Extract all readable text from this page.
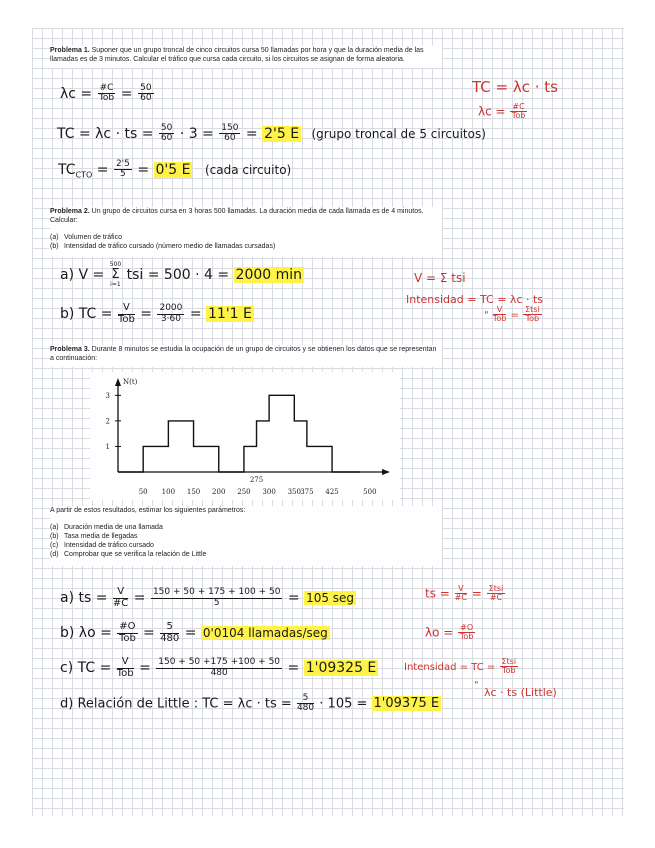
Problema 1. Suponer que un grupo troncal de cinco circuitos cursa 50 llamadas por hora y que la duración media de las llamadas es de 3 minutos. Calcular el tráfico que cursa cada circuito, si los circuitos se asignan de forma aleatoria.
$\lambda c = \frac{\#C}{\text{Tob}} = \frac{50}{60}$
TC = λc · ts = $\frac{50}{60} \cdot 3 = \frac{150}{60} = 2'5$ E (grupo troncal de 5 circuitos)
$TC_{CTO} = \frac{2'5}{5} = 0'5$ E (cada circuito)
TC = λc · ts
$\lambda c = \frac{\#C}{\text{Tob}}$
Problema 2. Un grupo de circuitos cursa en 3 horas 500 llamadas. La duración media de cada llamada es de 4 minutos. Calcular:
(a) Volumen de tráfico
(b) Intensidad de tráfico cursado (número medio de llamadas cursadas)
a) V =
500
Σ
i=1
tsi = 500 · 4 = 2000 min
b) TC = $\frac{V}{\text{Tob}} = \frac{2000}{3\cdot 60} = 11'1$ E
V = Σ tsi
Intensidad = TC = λc · ts
" $\frac{V}{\text{Tob}} = \frac{\text{Σtsi}}{\text{Tob}}$
Problema 3. Durante 8 minutos se estudia la ocupación de un grupo de circuitos y se obtienen los datos que se representan a continuación:
N(t)
1
2
3
50 100 150 200 250 300 350 375 425	500
275
A partir de estos resultados, estimar los siguientes parámetros:
(a) Duración media de una llamada
(b) Tasa media de llegadas
(c) Intensidad de tráfico cursado
(d) Comprobar que se verifica la relación de Little
a) ts = $\frac{V}{\#C} = \frac{150 + 50 + 175 + 100 + 50}{5} = 105$ seg
b) $\lambda o = \frac{\#O}{\text{Tob}} = \frac{5}{480} = 0'0104$ llamadas/seg
c) TC = $\frac{V}{\text{Tob}} = \frac{150 + 50 +175 +100 + 50}{480} = 1'09325$ E
d) Relación de Little : TC = λc · ts = $\frac{5}{480} \cdot 105 = 1'09375$ E
ts = $\frac{V}{\#C} = \frac{\text{Σtsi}}{\#C}$
$\lambda o = \frac{\#O}{\text{Tob}}$
Intensidad = TC = $\frac{\text{Σtsi}}{\text{Tob}}$
"
λc · ts (Little)
